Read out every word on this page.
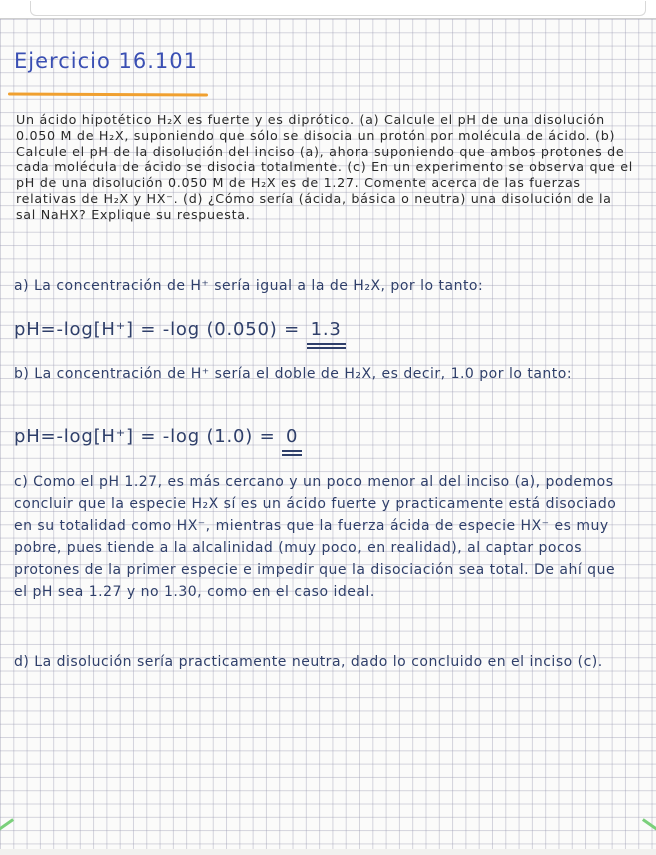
Ejercicio 16.101

Un ácido hipotético H₂X es fuerte y es diprótico. (a) Calcule el pH de una disolución 0.050 M de H₂X, suponiendo que sólo se disocia un protón por molécula de ácido. (b) Calcule el pH de la disolución del inciso (a), ahora suponiendo que ambos protones de cada molécula de ácido se disocia totalmente. (c) En un experimento se observa que el pH de una disolución 0.050 M de H₂X es de 1.27. Comente acerca de las fuerzas relativas de H₂X y HX⁻. (d) ¿Cómo sería (ácida, básica o neutra) una disolución de la sal NaHX? Explique su respuesta.

a) La concentración de H⁺ sería igual a la de H₂X, por lo tanto:

pH=-log[H⁺] = -log (0.050) = 1.3

b) La concentración de H⁺ sería el doble de H₂X, es decir, 1.0 por lo tanto:

pH=-log[H⁺] = -log (1.0) = 0

c) Como el pH 1.27, es más cercano y un poco menor al del inciso (a), podemos concluir que la especie H₂X sí es un ácido fuerte y practicamente está disociado en su totalidad como HX⁻, mientras que la fuerza ácida de especie HX⁻ es muy pobre, pues tiende a la alcalinidad (muy poco, en realidad), al captar pocos protones de la primer especie e impedir que la disociación sea total. De ahí que el pH sea 1.27 y no 1.30, como en el caso ideal.

d) La disolución sería practicamente neutra, dado lo concluido en el inciso (c).
